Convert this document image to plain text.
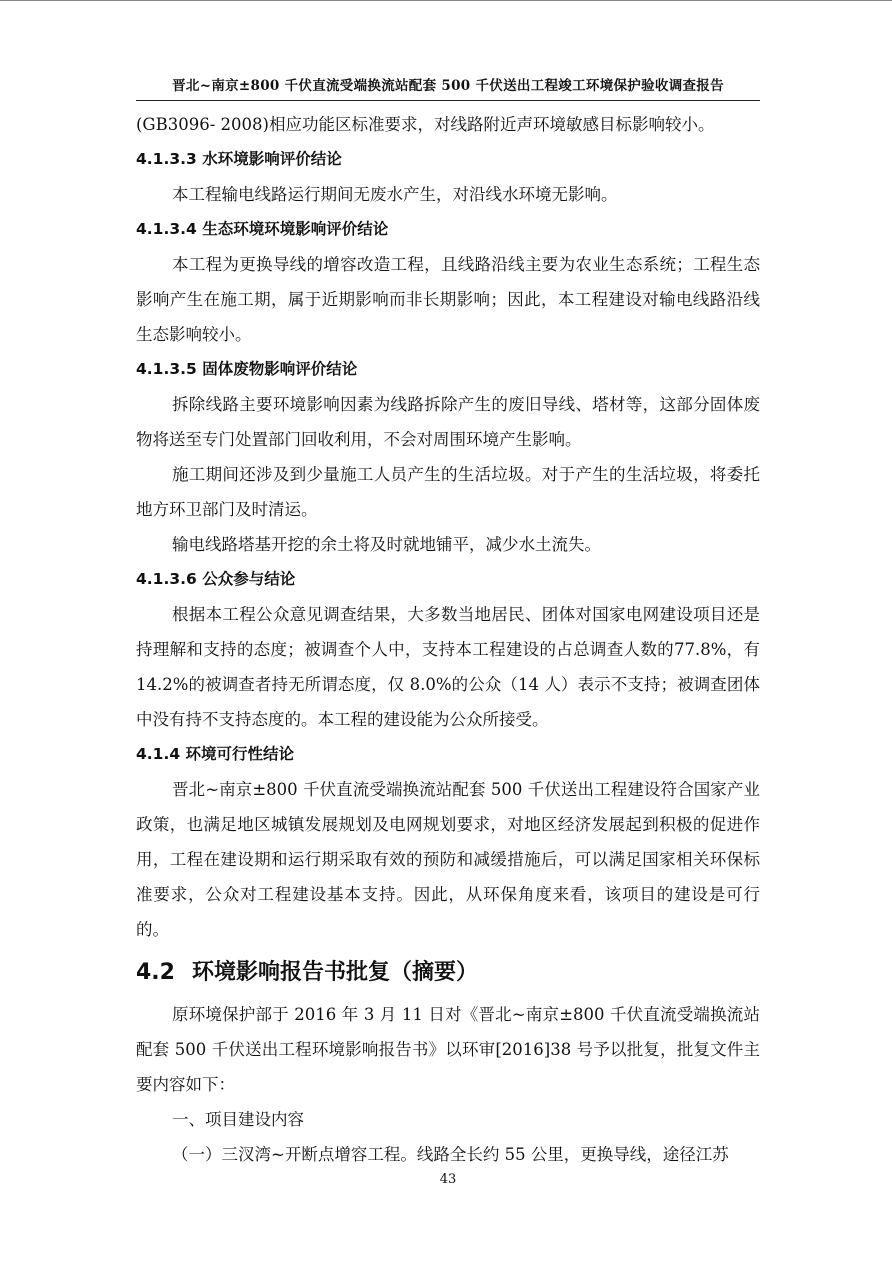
晋北~南京±800 千伏直流受端换流站配套 500 千伏送出工程竣工环境保护验收调查报告

(GB3096- 2008)相应功能区标准要求，对线路附近声环境敏感目标影响较小。

4.1.3.3 水环境影响评价结论

本工程输电线路运行期间无废水产生，对沿线水环境无影响。

4.1.3.4 生态环境环境影响评价结论

本工程为更换导线的增容改造工程，且线路沿线主要为农业生态系统；工程生态影响产生在施工期，属于近期影响而非长期影响；因此，本工程建设对输电线路沿线生态影响较小。

4.1.3.5 固体废物影响评价结论

拆除线路主要环境影响因素为线路拆除产生的废旧导线、塔材等，这部分固体废物将送至专门处置部门回收利用，不会对周围环境产生影响。

施工期间还涉及到少量施工人员产生的生活垃圾。对于产生的生活垃圾，将委托地方环卫部门及时清运。

输电线路塔基开挖的余土将及时就地铺平，减少水土流失。

4.1.3.6 公众参与结论

根据本工程公众意见调查结果，大多数当地居民、团体对国家电网建设项目还是持理解和支持的态度；被调查个人中，支持本工程建设的占总调查人数的77.8%，有 14.2%的被调查者持无所谓态度，仅 8.0%的公众（14 人）表示不支持；被调查团体中没有持不支持态度的。本工程的建设能为公众所接受。

4.1.4 环境可行性结论

晋北~南京±800 千伏直流受端换流站配套 500 千伏送出工程建设符合国家产业政策，也满足地区城镇发展规划及电网规划要求，对地区经济发展起到积极的促进作用，工程在建设期和运行期采取有效的预防和减缓措施后，可以满足国家相关环保标准要求，公众对工程建设基本支持。因此，从环保角度来看，该项目的建设是可行的。

4.2 环境影响报告书批复（摘要）

原环境保护部于 2016 年 3 月 11 日对《晋北~南京±800 千伏直流受端换流站配套 500 千伏送出工程环境影响报告书》以环审[2016]38 号予以批复，批复文件主要内容如下：

一、项目建设内容

（一）三汊湾~开断点增容工程。线路全长约 55 公里，更换导线，途径江苏

43
